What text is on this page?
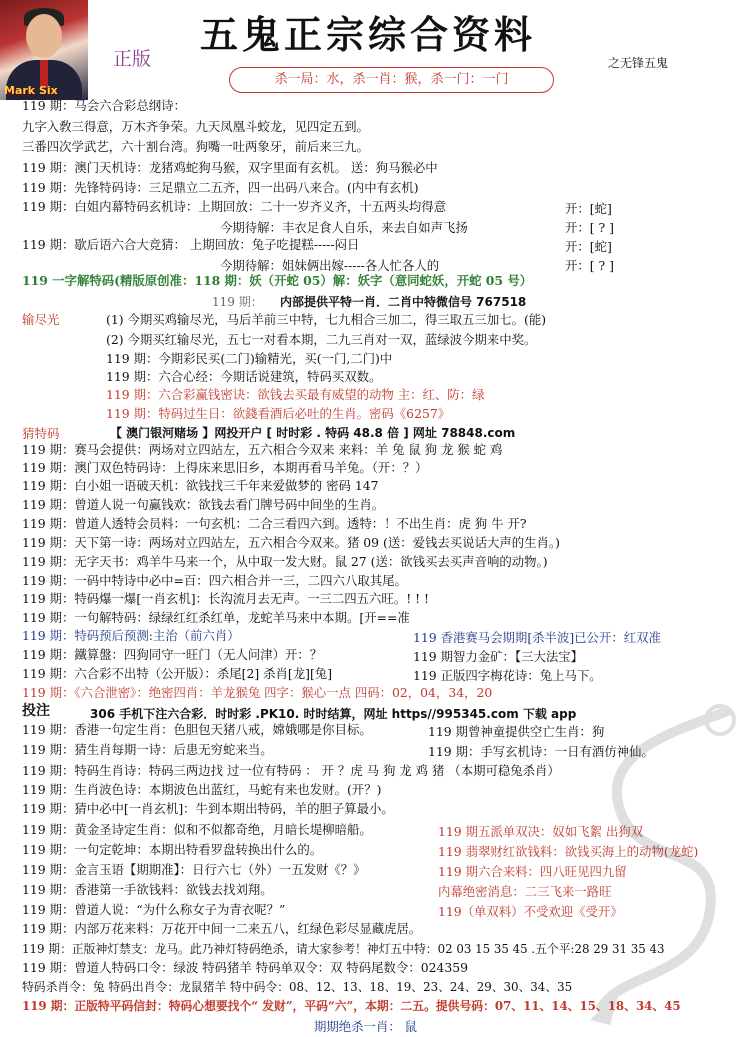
Mark Six
正版
五鬼正宗综合资料
之无锋五鬼
杀一局：水，杀一肖：猴，杀一门：一门
119 期：马会六合彩总纲诗：
九字入敎三得意，万木齐争荣。九天凤凰斗蛟龙，见四定五到。
三番四次学武艺，六十割台湾。狗嘴一吐两象牙，前后来三九。
119 期：澳门天机诗：龙猪鸡蛇狗马猴，双字里面有玄机。 送：狗马猴必中
119 期：先锋特码诗：三足鼎立二五齐，四一出码八来合。(内中有玄机)
119 期：白姐内幕特码玄机诗：上期回放：二十一岁齐义齐，十五两头均得意	开：[蛇]
今期待解：丰衣足食人自乐，来去自如声飞扬	开：[ ? ]
119 期：歇后语六合大竞猜： 上期回放：兔子吃提糕-----闷日	开：[蛇]
今期待解：姐妹俩出嫁-----各人忙各人的	开：[ ? ]
119 一字解特码(精版原创准：118 期：妖（开蛇 05）解：妖字（意同蛇妖，开蛇 05 号）
119 期： 内部提供平特一肖．二肖中特微信号 767518
输尽光	(1) 今期买鸡输尽光，马后羊前三中特，七九相合三加二，得三取五三加七。(能)
(2) 今期买红输尽光，五七一对看本期，二九三肖对一双，蓝绿波今期来中奖。
119 期：今期彩民买(二门)输精光，买(一门,二门)中
119 期：六合心经：今期话说建筑，特码买双数。
119 期：六合彩赢钱密诀：欲钱去买最有威望的动物 主：红、防：绿
119 期：特码过生日：欲錢看酒后必吐的生肖。密码《6257》
猜特码	【 澳门银河赌场 】网投开户 [ 时时彩 . 特码 48.8 倍 ] 网址 78848.com
119 期：赛马会提供：两场对立四站左，五六相合今双来 来料：羊 兔 鼠 狗 龙 猴 蛇 鸡
119 期：澳门双色特码诗：上得床来思旧乡，本期再看马羊兔。（开：？）
119 期：白小姐一语破天机：欲钱找三千年来爱做梦的 密码 147
119 期：曾道人说一句赢钱欢：欲钱去看门牌号码中间坐的生肖。
119 期：曾道人透特会员料：一句玄机：二合三看四六到。透特：！不出生肖：虎 狗 牛 开?
119 期：天下第一诗：两场对立四站左，五六相合今双来。猪 09 (送：爱钱去买说话大声的生肖。)
119 期：无字天书：鸡羊牛马来一个，从中取一发大财。鼠 27 (送：欲钱买去买声音响的动物。)
119 期：一码中特诗中必中=百：四六相合并一三，二四六八取其尾。
119 期：特码爆一爆[一肖玄机]：长沟流月去无声。一三二四五六旺。! ! !
119 期：一句解特码：绿绿红红杀红单，龙蛇羊马来中本期。[开==准
119 期：特码预后预测:主治（前六肖）	119 香港赛马会期期[杀半波]已公开：红双准
119 期：鐵算盤：四狗同守一旺门（无人问津）开：？	119 期智力金矿：【三大法宝】
119 期：六合彩不出特（公开版）：杀尾[2] 杀肖[龙][兔]	119 正版四字梅花诗：兔上马下。
119 期：《六合泄密》：绝密四肖：羊龙猴兔 四字：猴心一点 四码：02，04，34，20
投注	306 手机下注六合彩．时时彩 .PK10. 时时结算，网址 https//995345.com 下载 app
119 期：香港一句定生肖：色胆包天猪八戒，嫦娥哪是你目标。	119 期曾神童提供空亡生肖：狗
119 期：猜生肖每期一诗：后患无穷蛇来当。	119 期：手写玄机诗：一日有酒仿神仙。
119 期：特码生肖诗：特码三两边找 过一位有特码 ： 开 ？虎 马 狗 龙 鸡 猪 （本期可稳兔杀肖）
119 期：生肖波色诗：本期波色出蓝红，马蛇有来也发财。(开？)
119 期：猜中必中[一肖玄机]：牛到本期出特码，羊的胆子算最小。
119 期：黄金圣诗定生肖：似和不似都奇绝，月暗长堤柳暗船。	119 期五派单双决：奴如飞絮 出狗双
119 期：一句定乾坤：本期出特看罗盘转换出什么的。	119 翡翠财红欲钱料：欲钱买海上的动物(龙蛇)
119 期：金言玉语【期期准】：日行六七（外）一五发财《？》	119 期六合来料：四八旺见四九留
119 期：香港第一手欲钱料：欲钱去找刘翔。	内幕绝密消息：二三飞来一路旺
119 期：曾道人说：“为什么称女子为青衣呢？”	119（单双料）不受欢迎《受开》
119 期：内部万花来料：万花开中间一二来五八，红绿色彩尽显藏虎居。
119 期：正版神灯禁支：龙马。此乃神灯特码绝杀，请大家参考！神灯五中特：02 03 15 35 45 .五个平:28 29 31 35 43
119 期：曾道人特码口令：绿波 特码猪羊 特码单双令：双 特码尾数令：024359
特码杀肖令：兔 特码出肖令：龙鼠猪羊 特中码令：08、12、13、18、19、23、24、29、30、34、35
119 期：正版特平码信封：特码心想要找个“ 发财”，平码“六”，本期：二五。提供号码：07、11、14、15、18、34、45
期期绝杀一肖： 鼠
